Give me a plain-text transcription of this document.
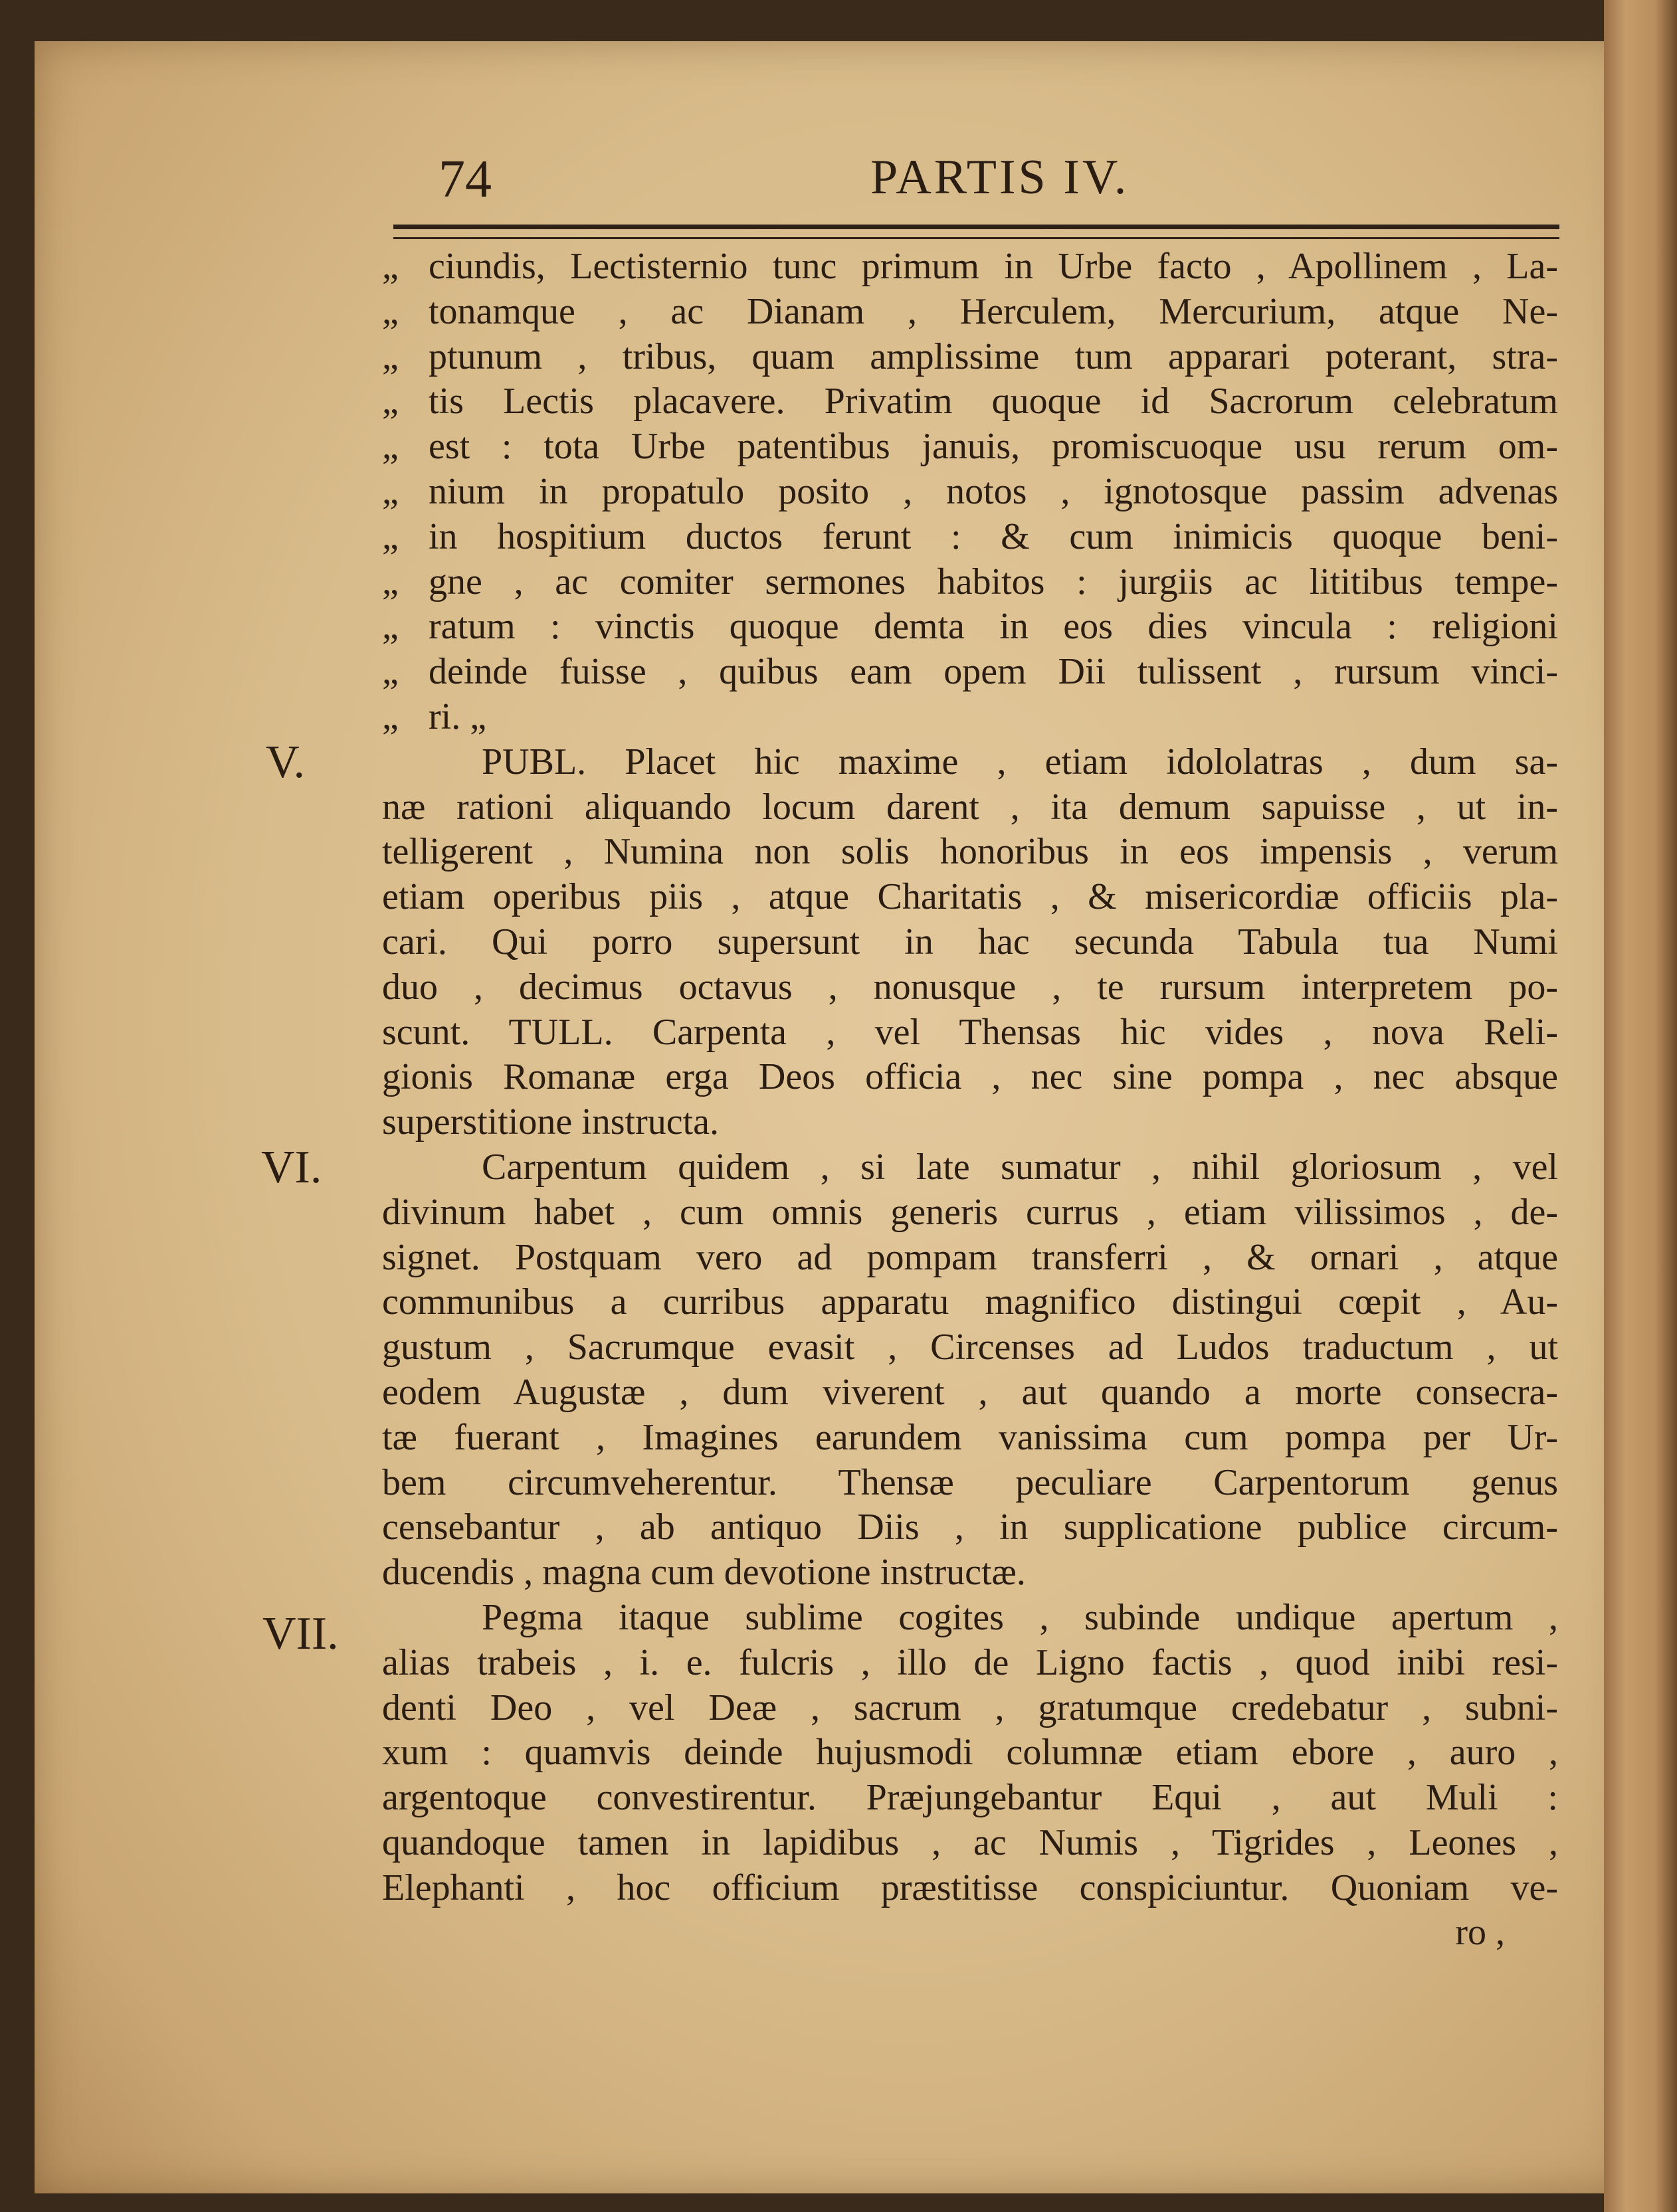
74	PARTIS IV.
V.
VI.
VII.
„ ciundis, Lectisternio tunc primum in Urbe facto , Apollinem , La-
„ tonamque , ac Dianam , Herculem, Mercurium, atque Ne-
„ ptunum , tribus, quam amplissime tum apparari poterant, stra-
„ tis Lectis placavere. Privatim quoque id Sacrorum celebratum
„ est : tota Urbe patentibus januis, promiscuoque usu rerum om-
„ nium in propatulo posito , notos , ignotosque passim advenas
„ in hospitium ductos ferunt : & cum inimicis quoque beni-
„ gne , ac comiter sermones habitos : jurgiis ac lititibus tempe-
„ ratum : vinctis quoque demta in eos dies vincula : religioni
„ deinde fuisse , quibus eam opem Dii tulissent , rursum vinci-
„ ri. „
PUBL. Placet hic maxime , etiam idololatras , dum sa-
næ rationi aliquando locum darent , ita demum sapuisse , ut in-
telligerent , Numina non solis honoribus in eos impensis , verum
etiam operibus piis , atque Charitatis , & misericordiæ officiis pla-
cari. Qui porro supersunt in hac secunda Tabula tua Numi
duo , decimus octavus , nonusque , te rursum interpretem po-
scunt. TULL. Carpenta , vel Thensas hic vides , nova Reli-
gionis Romanæ erga Deos officia , nec sine pompa , nec absque
superstitione instructa.
Carpentum quidem , si late sumatur , nihil gloriosum , vel
divinum habet , cum omnis generis currus , etiam vilissimos , de-
signet. Postquam vero ad pompam transferri , & ornari , atque
communibus a curribus apparatu magnifico distingui cœpit , Au-
gustum , Sacrumque evasit , Circenses ad Ludos traductum , ut
eodem Augustæ , dum viverent , aut quando a morte consecra-
tæ fuerant , Imagines earundem vanissima cum pompa per Ur-
bem circumveherentur. Thensæ peculiare Carpentorum genus
censebantur , ab antiquo Diis , in supplicatione publice circum-
ducendis , magna cum devotione instructæ.
Pegma itaque sublime cogites , subinde undique apertum ,
alias trabeis , i. e. fulcris , illo de Ligno factis , quod inibi resi-
denti Deo , vel Deæ , sacrum , gratumque credebatur , subni-
xum : quamvis deinde hujusmodi columnæ etiam ebore , auro ,
argentoque convestirentur. Præjungebantur Equi , aut Muli :
quandoque tamen in lapidibus , ac Numis , Tigrides , Leones ,
Elephanti , hoc officium præstitisse conspiciuntur. Quoniam ve-
ro ,
